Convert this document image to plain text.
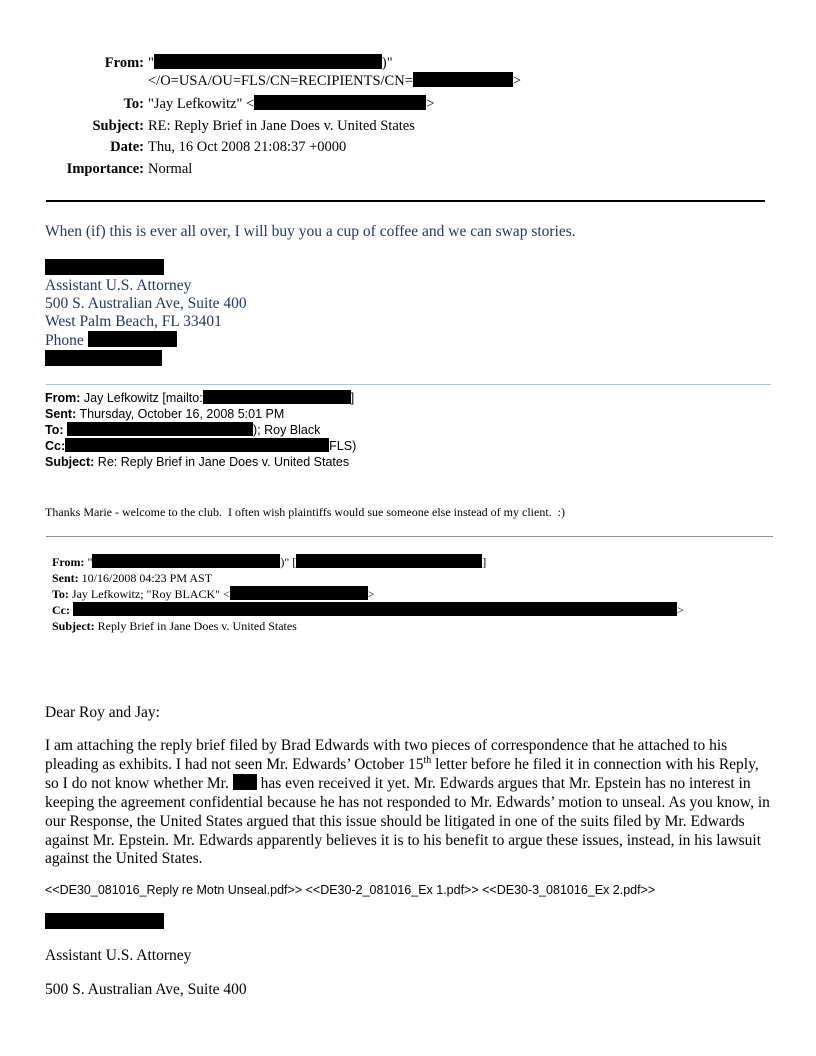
From: "	)"
</O=USA/OU=FLS/CN=RECIPIENTS/CN=	>
To: "Jay Lefkowitz" <	>
Subject: RE: Reply Brief in Jane Does v. United States
Date: Thu, 16 Oct 2008 21:08:37 +0000
Importance: Normal
When (if) this is ever all over, I will buy you a cup of coffee and we can swap stories.
Assistant U.S. Attorney
500 S. Australian Ave, Suite 400
West Palm Beach, FL 33401
Phone
From: Jay Lefkowitz [mailto:	]
Sent: Thursday, October 16, 2008 5:01 PM
To:	); Roy Black
Cc:	FLS)
Subject: Re: Reply Brief in Jane Does v. United States
Thanks Marie - welcome to the club.  I often wish plaintiffs would sue someone else instead of my client.  :)
From: "	)" [	]
Sent: 10/16/2008 04:23 PM AST
To: Jay Lefkowitz; "Roy BLACK" <	>
Cc:	>
Subject: Reply Brief in Jane Does v. United States
Dear Roy and Jay:
I am attaching the reply brief filed by Brad Edwards with two pieces of correspondence that he attached to his pleading as exhibits. I had not seen Mr. Edwards’ October 15th letter before he filed it in connection with his Reply, so I do not know whether Mr.  has even received it yet. Mr. Edwards argues that Mr. Epstein has no interest in keeping the agreement confidential because he has not responded to Mr. Edwards’ motion to unseal. As you know, in our Response, the United States argued that this issue should be litigated in one of the suits filed by Mr. Edwards against Mr. Epstein. Mr. Edwards apparently believes it is to his benefit to argue these issues, instead, in his lawsuit against the United States.
<<DE30_081016_Reply re Motn Unseal.pdf>> <<DE30-2_081016_Ex 1.pdf>> <<DE30-3_081016_Ex 2.pdf>>
Assistant U.S. Attorney
500 S. Australian Ave, Suite 400
